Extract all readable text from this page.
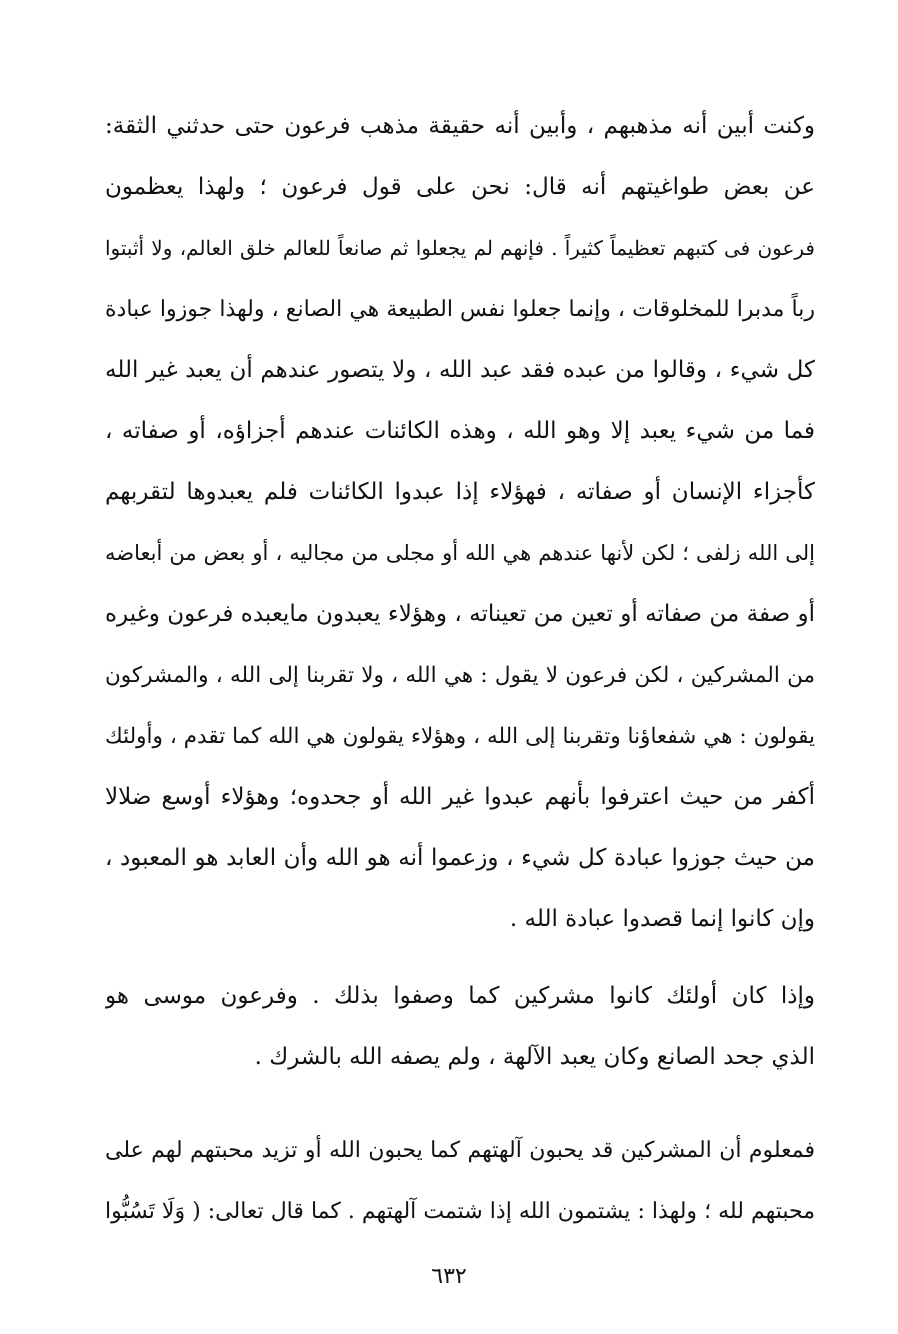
وكنت أبين أنه مذهبهم ، وأبين أنه حقيقة مذهب فرعون حتى حدثني الثقة:
عن بعض طواغيتهم أنه قال: نحن على قول فرعون ؛ ولهذا يعظمون
فرعون فى كتبهم تعظيماً كثيراً . فإنهم لم يجعلوا ثم صانعاً للعالم خلق العالم، ولا أثبتوا
رباً مدبرا للمخلوقات ، وإنما جعلوا نفس الطبيعة هي الصانع ، ولهذا جوزوا عبادة
كل شيء ، وقالوا من عبده فقد عبد الله ، ولا يتصور عندهم أن يعبد غير الله
فما من شيء يعبد إلا وهو الله ، وهذه الكائنات عندهم أجزاؤه، أو صفاته ،
كأجزاء الإنسان أو صفاته ، فهؤلاء إذا عبدوا الكائنات فلم يعبدوها لتقربهم
إلى الله زلفى ؛ لكن لأنها عندهم هي الله أو مجلى من مجاليه ، أو بعض من أبعاضه
أو صفة من صفاته أو تعين من تعيناته ، وهؤلاء يعبدون مايعبده فرعون وغيره
من المشركين ، لكن فرعون لا يقول : هي الله ، ولا تقربنا إلى الله ، والمشركون
يقولون : هي شفعاؤنا وتقربنا إلى الله ، وهؤلاء يقولون هي الله كما تقدم ، وأولئك
أكفر من حيث اعترفوا بأنهم عبدوا غير الله أو جحدوه؛ وهؤلاء أوسع ضلالا
من حيث جوزوا عبادة كل شيء ، وزعموا أنه هو الله وأن العابد هو المعبود ،
وإن كانوا إنما قصدوا عبادة الله .
وإذا كان أولئك كانوا مشركين كما وصفوا بذلك . وفرعون موسى هو
الذي جحد الصانع وكان يعبد الآلهة ، ولم يصفه الله بالشرك .
فمعلوم أن المشركين قد يحبون آلهتهم كما يحبون الله أو تزيد محبتهم لهم على
محبتهم لله ؛ ولهذا : يشتمون الله إذا شتمت آلهتهم . كما قال تعالى: ( وَلَا تَسُبُّوا
٦٣٢
